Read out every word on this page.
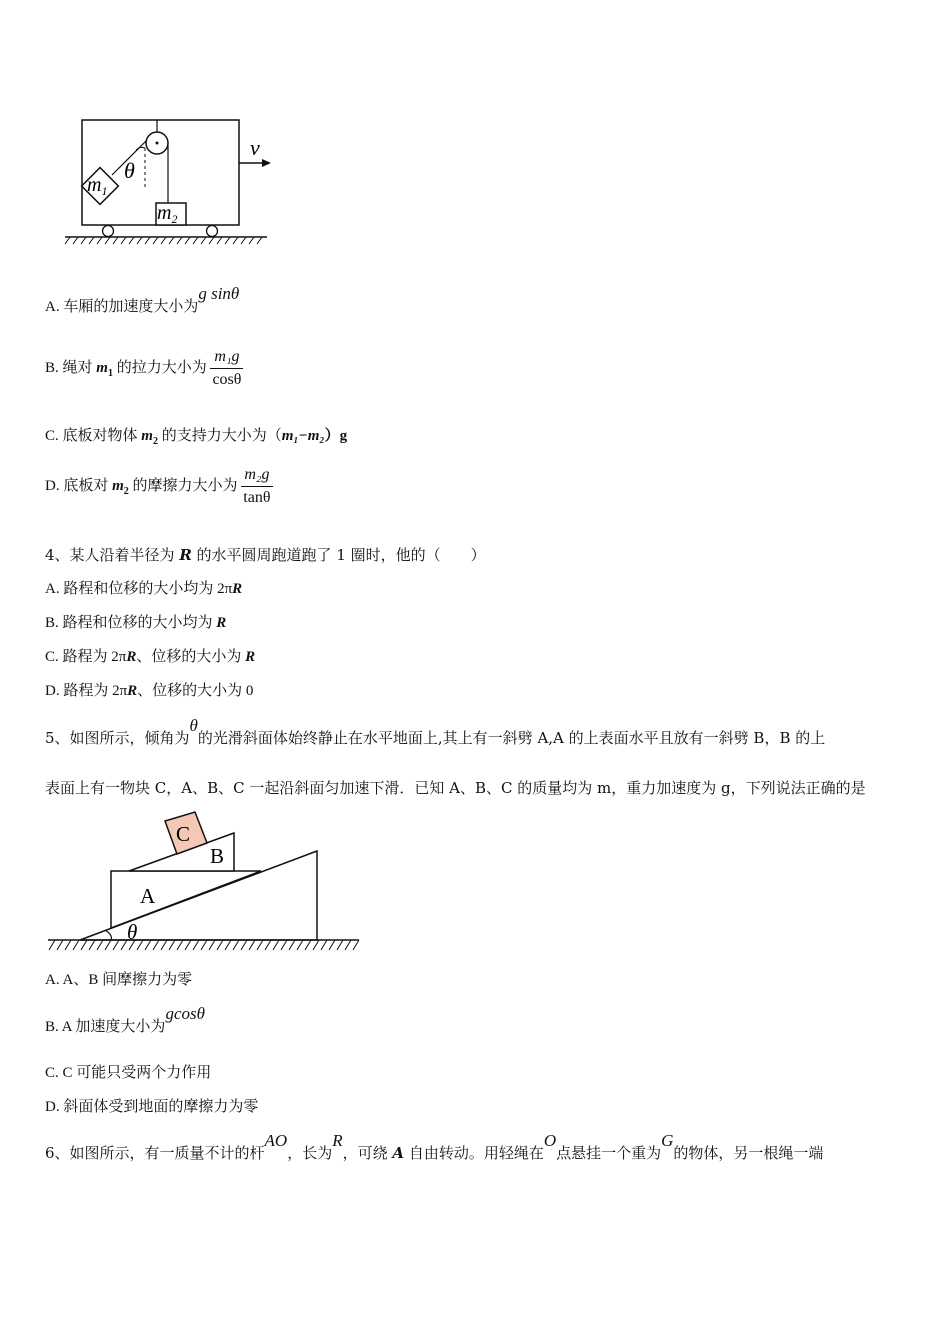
θ
$m_1$
$m_2$
v
A. 车厢的加速度大小为g sinθ
B. 绳对 $m_1$ 的拉力大小为 $\frac{\text{m₁g}}{\cos\theta}$
C. 底板对物体 $m_2$ 的支持力大小为（m₁−m₂）g
D. 底板对 $m_2$ 的摩擦力大小为 $\frac{\text{m₂g}}{\tan\theta}$
4、某人沿着半径为 R 的水平圆周跑道跑了 1 圈时，他的（　　）
A. 路程和位移的大小均为 2πR
B. 路程和位移的大小均为 R
C. 路程为 2πR、位移的大小为 R
D. 路程为 2πR、位移的大小为 0
5、如图所示，倾角为θ的光滑斜面体始终静止在水平地面上,其上有一斜劈 A,A 的上表面水平且放有一斜劈 B，B 的上
表面上有一物块 C，A、B、C 一起沿斜面匀加速下滑．已知 A、B、C 的质量均为 m，重力加速度为 g，下列说法正确的是
C
B
A
θ
A. A、B 间摩擦力为零
B. A 加速度大小为gcosθ
C. C 可能只受两个力作用
D. 斜面体受到地面的摩擦力为零
6、如图所示，有一质量不计的杆AO，长为R，可绕 A 自由转动。用轻绳在O点悬挂一个重为G的物体，另一根绳一端
